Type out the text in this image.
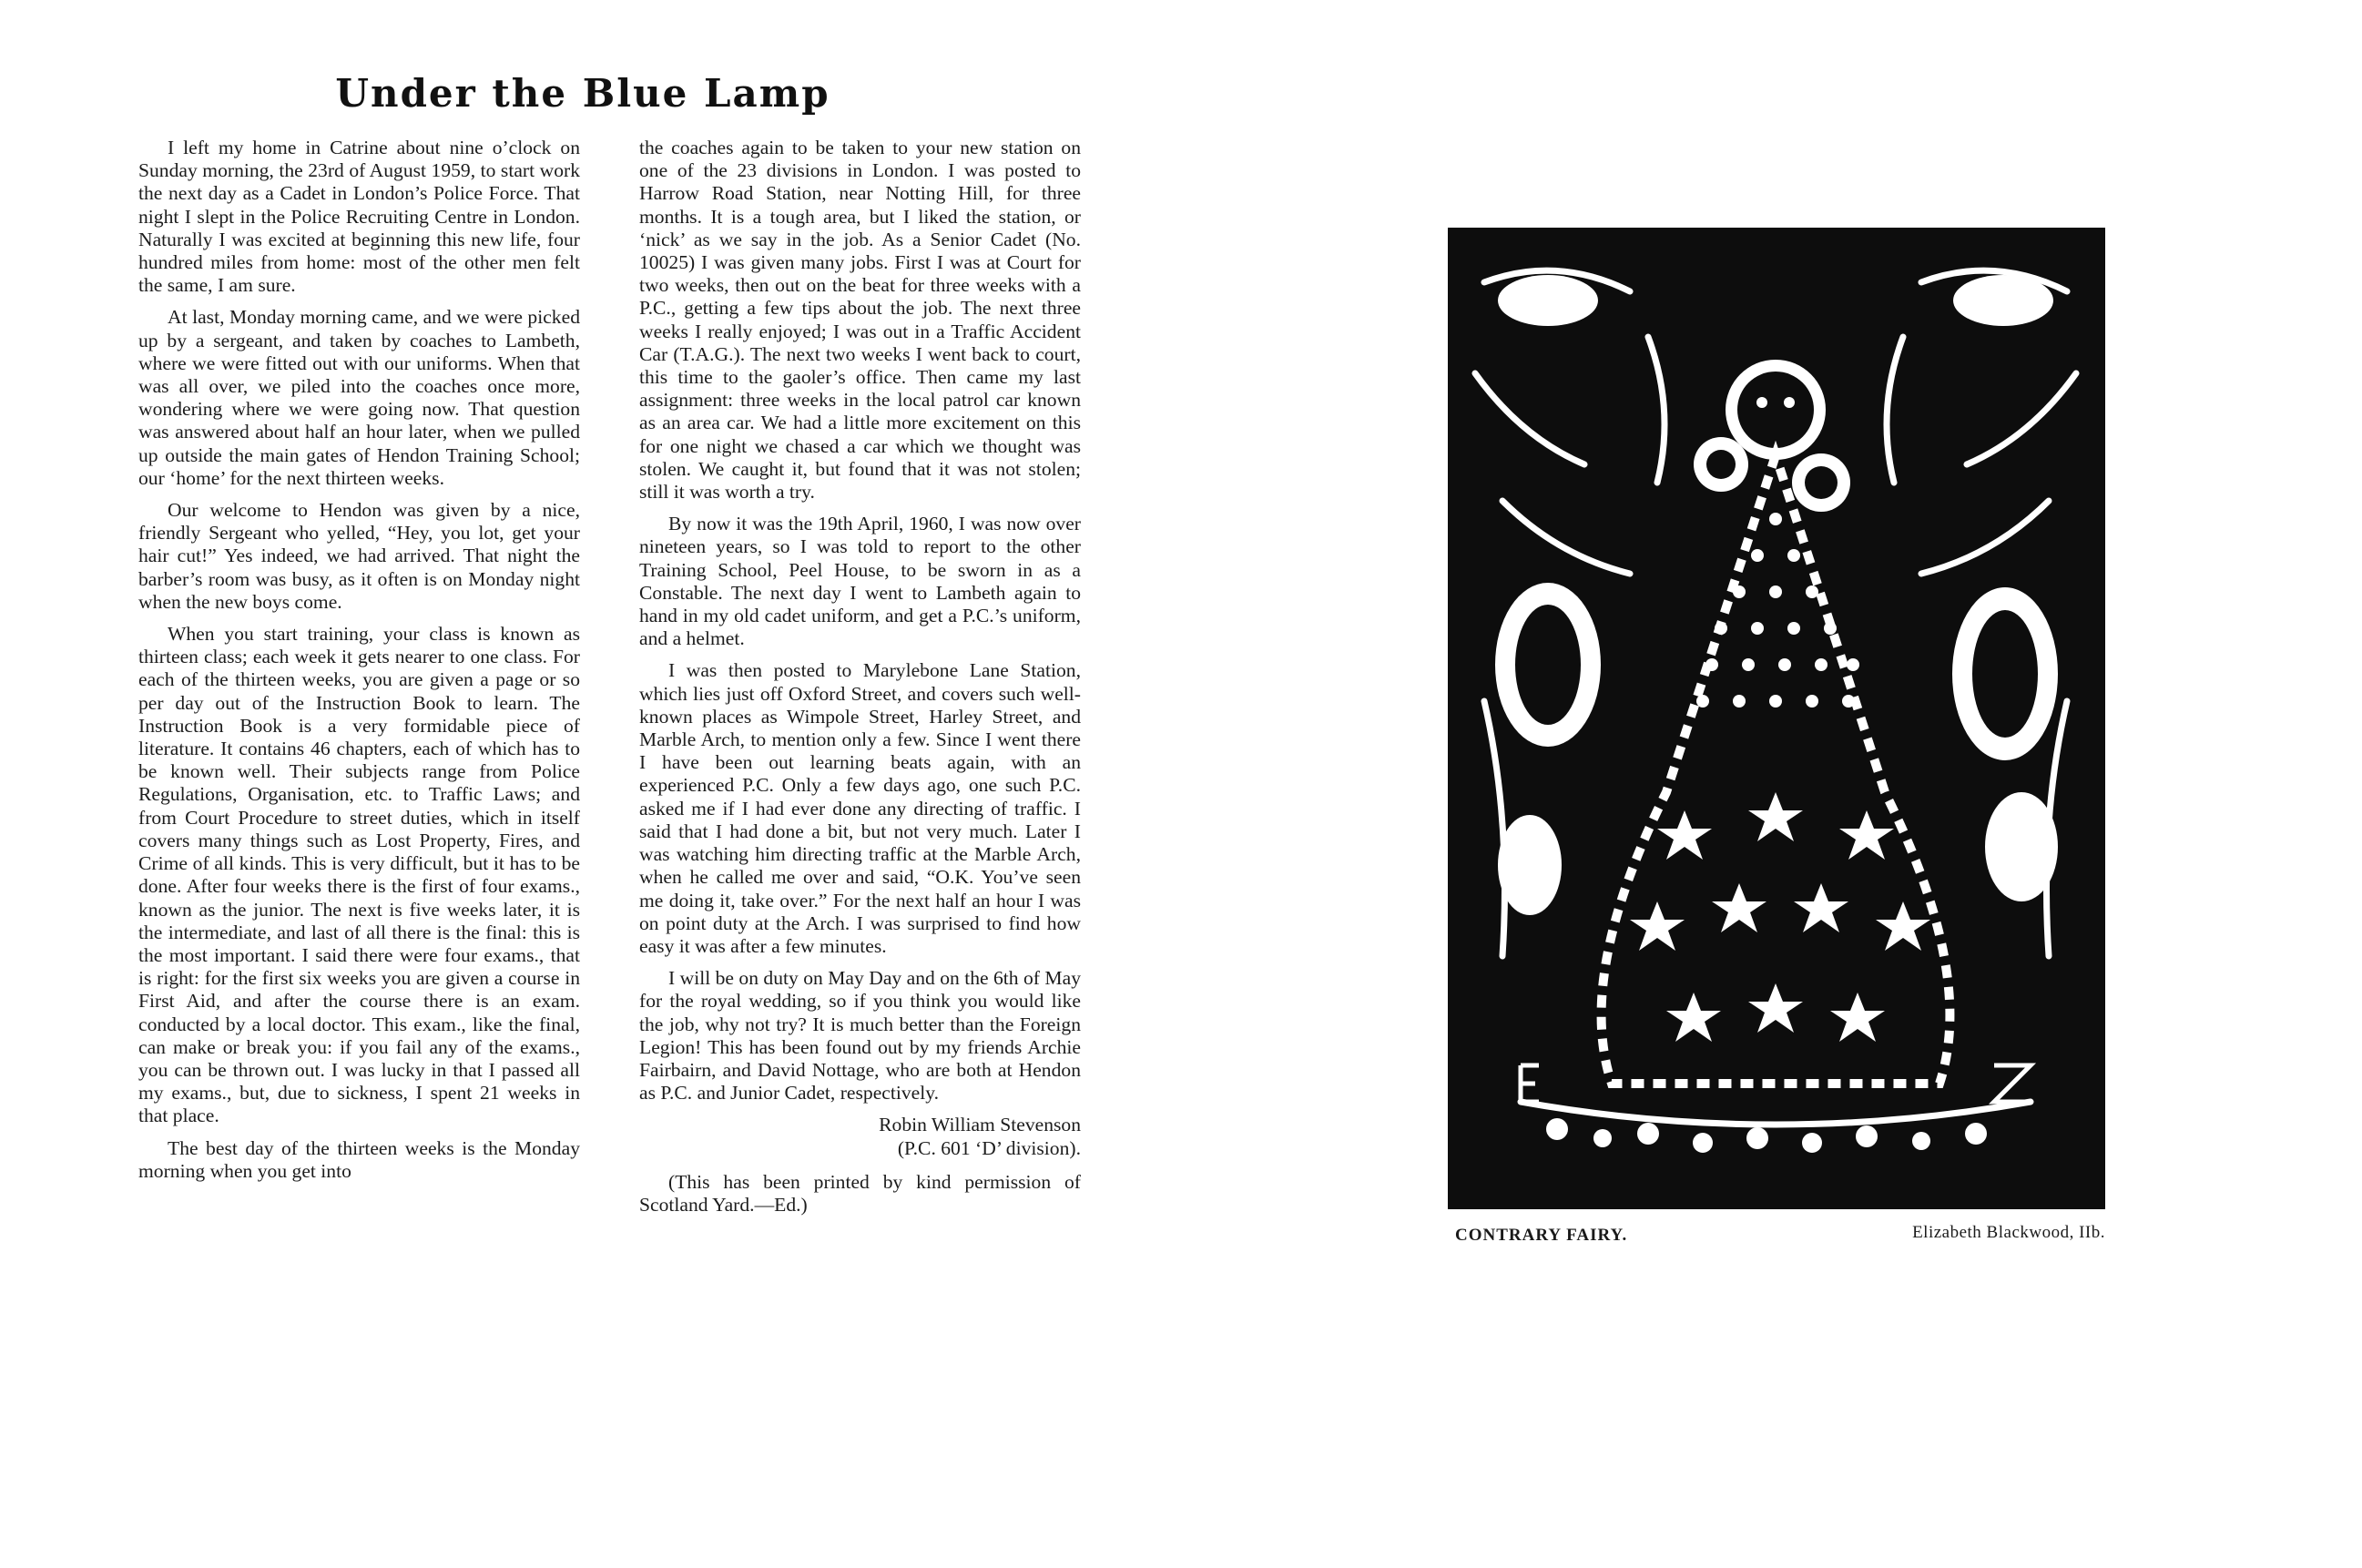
Under the Blue Lamp

I left my home in Catrine about nine o’clock on Sunday morning, the 23rd of August 1959, to start work the next day as a Cadet in London’s Police Force. That night I slept in the Police Recruiting Centre in London. Naturally I was excited at beginning this new life, four hundred miles from home: most of the other men felt the same, I am sure.

At last, Monday morning came, and we were picked up by a sergeant, and taken by coaches to Lambeth, where we were fitted out with our uniforms. When that was all over, we piled into the coaches once more, wondering where we were going now. That question was answered about half an hour later, when we pulled up outside the main gates of Hendon Training School; our ‘home’ for the next thirteen weeks.

Our welcome to Hendon was given by a nice, friendly Sergeant who yelled, “Hey, you lot, get your hair cut!” Yes indeed, we had arrived. That night the barber’s room was busy, as it often is on Monday night when the new boys come.

When you start training, your class is known as thirteen class; each week it gets nearer to one class. For each of the thirteen weeks, you are given a page or so per day out of the Instruction Book to learn. The Instruction Book is a very formidable piece of literature. It contains 46 chapters, each of which has to be known well. Their subjects range from Police Regulations, Organisation, etc. to Traffic Laws; and from Court Procedure to street duties, which in itself covers many things such as Lost Property, Fires, and Crime of all kinds. This is very difficult, but it has to be done. After four weeks there is the first of four exams., known as the junior. The next is five weeks later, it is the intermediate, and last of all there is the final: this is the most important. I said there were four exams., that is right: for the first six weeks you are given a course in First Aid, and after the course there is an exam. conducted by a local doctor. This exam., like the final, can make or break you: if you fail any of the exams., you can be thrown out. I was lucky in that I passed all my exams., but, due to sickness, I spent 21 weeks in that place.

The best day of the thirteen weeks is the Monday morning when you get into

the coaches again to be taken to your new station on one of the 23 divisions in London. I was posted to Harrow Road Station, near Notting Hill, for three months. It is a tough area, but I liked the station, or ‘nick’ as we say in the job. As a Senior Cadet (No. 10025) I was given many jobs. First I was at Court for two weeks, then out on the beat for three weeks with a P.C., getting a few tips about the job. The next three weeks I really enjoyed; I was out in a Traffic Accident Car (T.A.G.). The next two weeks I went back to court, this time to the gaoler’s office. Then came my last assignment: three weeks in the local patrol car known as an area car. We had a little more excitement on this for one night we chased a car which we thought was stolen. We caught it, but found that it was not stolen; still it was worth a try.

By now it was the 19th April, 1960, I was now over nineteen years, so I was told to report to the other Training School, Peel House, to be sworn in as a Constable. The next day I went to Lambeth again to hand in my old cadet uniform, and get a P.C.’s uniform, and a helmet.

I was then posted to Marylebone Lane Station, which lies just off Oxford Street, and covers such well-known places as Wimpole Street, Harley Street, and Marble Arch, to mention only a few. Since I went there I have been out learning beats again, with an experienced P.C. Only a few days ago, one such P.C. asked me if I had ever done any directing of traffic. I said that I had done a bit, but not very much. Later I was watching him directing traffic at the Marble Arch, when he called me over and said, “O.K. You’ve seen me doing it, take over.” For the next half an hour I was on point duty at the Arch. I was surprised to find how easy it was after a few minutes.

I will be on duty on May Day and on the 6th of May for the royal wedding, so if you think you would like the job, why not try? It is much better than the Foreign Legion! This has been found out by my friends Archie Fairbairn, and David Nottage, who are both at Hendon as P.C. and Junior Cadet, respectively.

Robin William Stevenson
(P.C. 601 ‘D’ division).

(This has been printed by kind permission of Scotland Yard.—Ed.)

CONTRARY FAIRY.	Elizabeth Blackwood, IIb.
